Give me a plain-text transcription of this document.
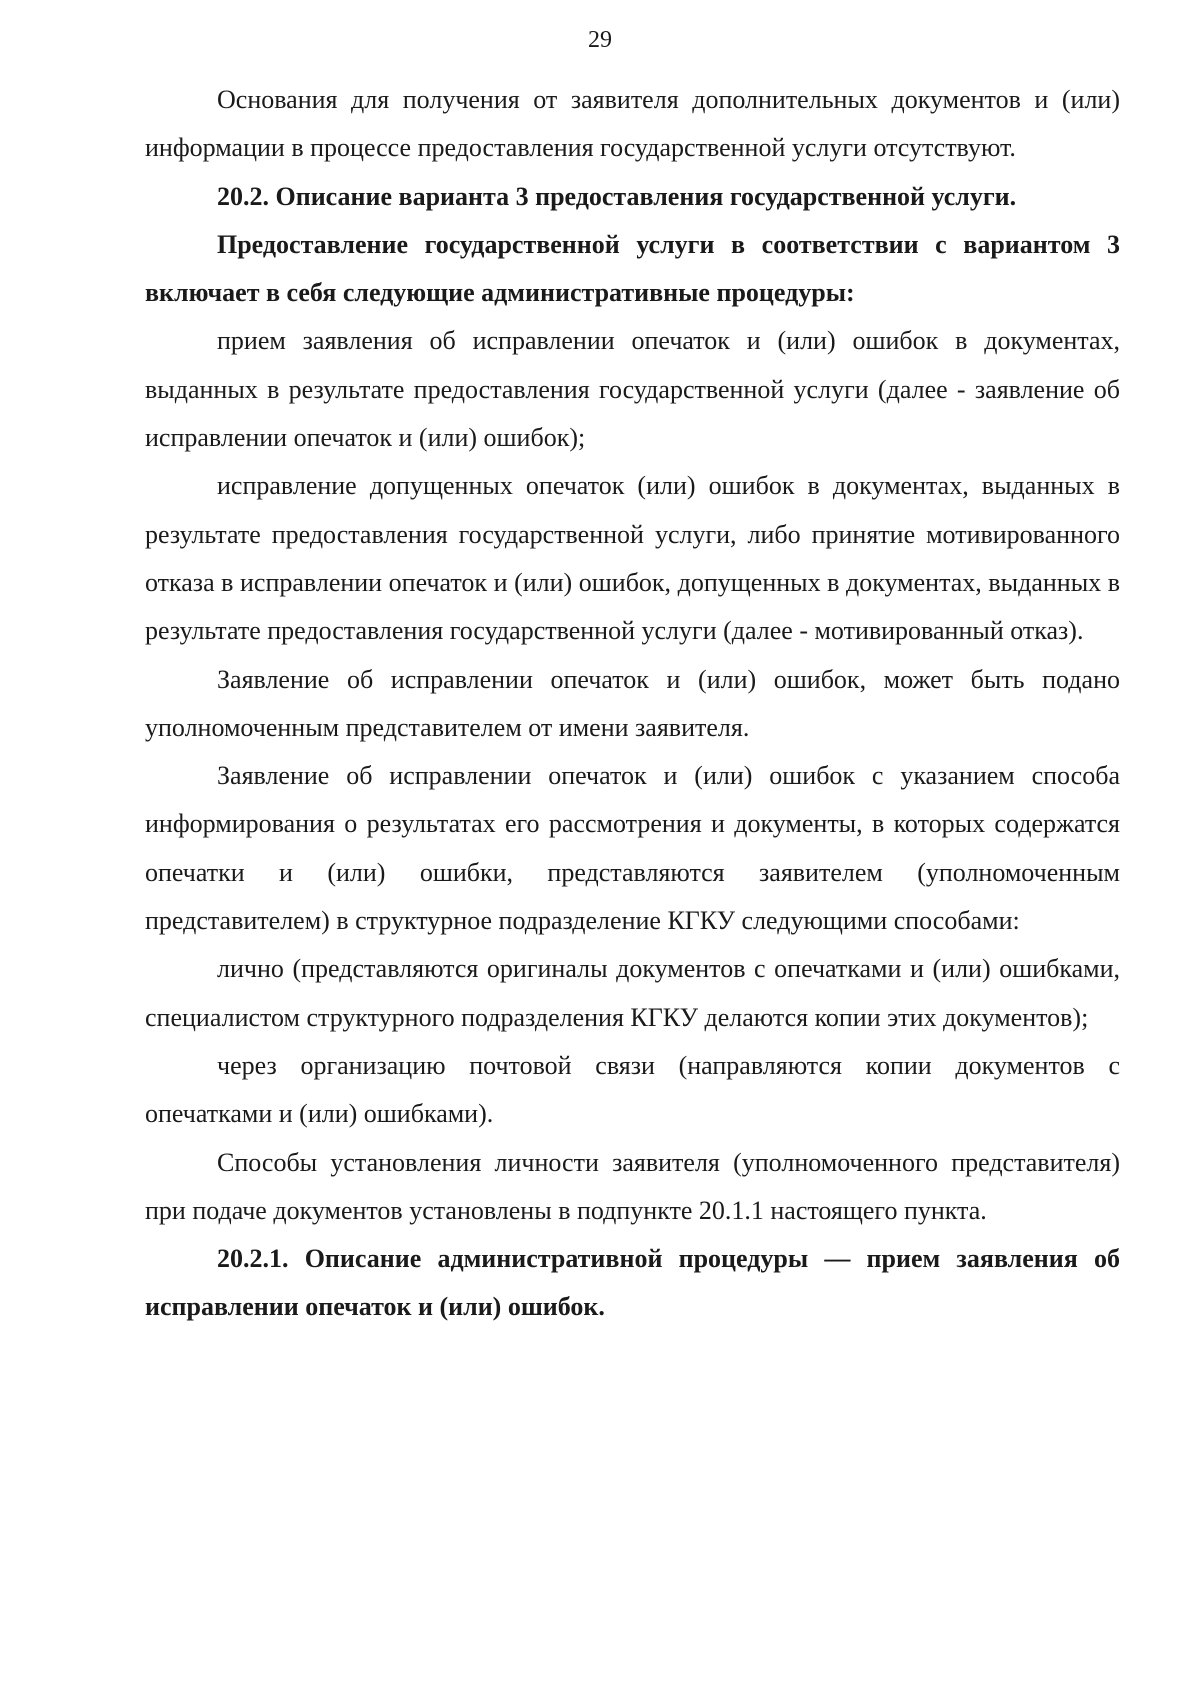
29

Основания для получения от заявителя дополнительных документов и (или) информации в процессе предоставления государственной услуги отсутствуют.

20.2. Описание варианта 3 предоставления государственной услуги.

Предоставление государственной услуги в соответствии с вариантом 3 включает в себя следующие административные процедуры:

прием заявления об исправлении опечаток и (или) ошибок в документах, выданных в результате предоставления государственной услуги (далее - заявление об исправлении опечаток и (или) ошибок);

исправление допущенных опечаток (или) ошибок в документах, выданных в результате предоставления государственной услуги, либо принятие мотивированного отказа в исправлении опечаток и (или) ошибок, допущенных в документах, выданных в результате предоставления государственной услуги (далее - мотивированный отказ).

Заявление об исправлении опечаток и (или) ошибок, может быть подано уполномоченным представителем от имени заявителя.

Заявление об исправлении опечаток и (или) ошибок с указанием способа информирования о результатах его рассмотрения и документы, в которых содержатся опечатки и (или) ошибки, представляются заявителем (уполномоченным представителем) в структурное подразделение КГКУ следующими способами:

лично (представляются оригиналы документов с опечатками и (или) ошибками, специалистом структурного подразделения КГКУ делаются копии этих документов);

через организацию почтовой связи (направляются копии документов с опечатками и (или) ошибками).

Способы установления личности заявителя (уполномоченного представителя) при подаче документов установлены в подпункте 20.1.1 настоящего пункта.

20.2.1. Описание административной процедуры — прием заявления об исправлении опечаток и (или) ошибок.
